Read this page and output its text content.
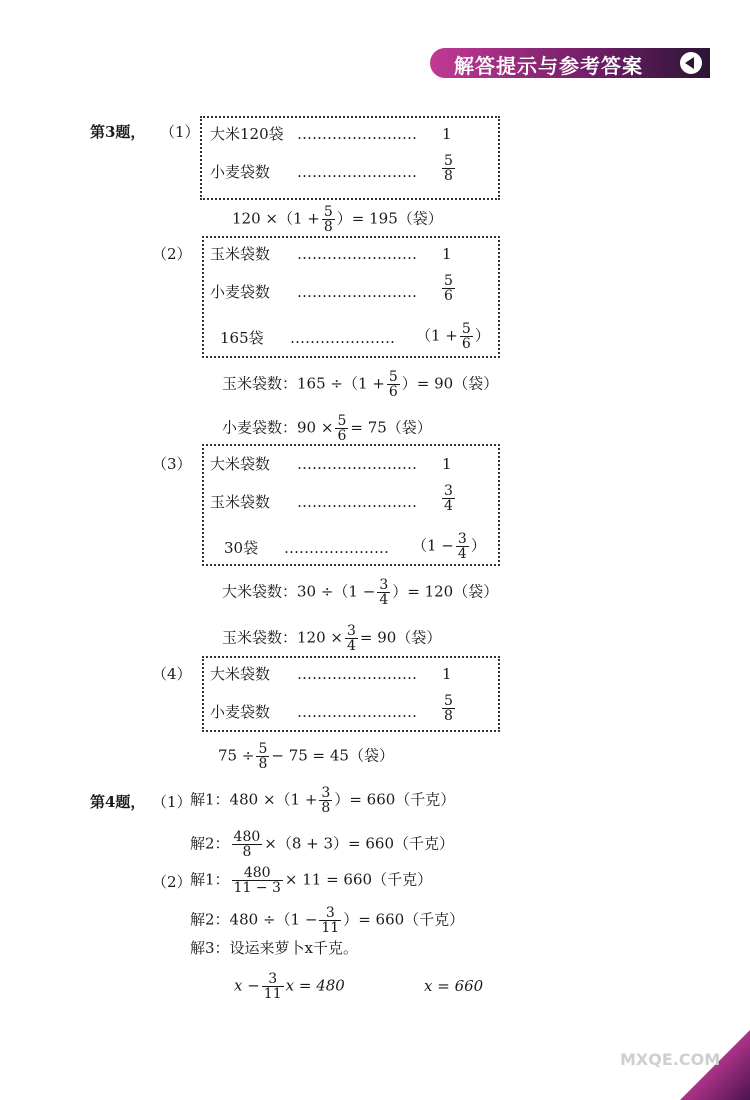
解答提示与参考答案
第3题， （1） 大米120袋 …………………… 1
小麦袋数 …………………… $\frac{5}{8}$
$120 \times(1 + \frac{5}{8}$ ）= 195（袋）
（2） 玉米袋数 …………………… 1
小麦袋数 …………………… $\frac{5}{6}$
165袋 ………………… （$1 + \frac{5}{6}$ ）
玉米袋数：$165 \div(1 + \frac{5}{6}$ ）= 90（袋）
小麦袋数：$90 \times \frac{5}{6} = 75$（袋）
（3） 大米袋数 …………………… 1
玉米袋数 …………………… $\frac{3}{4}$
30袋 ………………… （$1 - \frac{3}{4}$ ）
大米袋数：$30 \div(1 - \frac{3}{4}$ ）= 120（袋）
玉米袋数：$120 \times \frac{3}{4} = 90$（袋）
（4） 大米袋数 …………………… 1
小麦袋数 …………………… $\frac{5}{8}$
$75 \div \frac{5}{8} - 75 = 45$（袋）
第4题， （1）
解1：$480 \times(1 + \frac{3}{8}$ ）= 660（千克）
解2： $\frac{480}{8} \times(8 + 3)= 660$（千克）
（2）
解1： $\frac{480}{11 - 3} \times 11 = 660$（千克）
解2：$480 \div(1 - \frac{3}{11}$ ）= 660（千克）
解3：设运来萝卜x千克。
$x - \frac{3}{11}$ x = 480	x = 660
MXQE.COM
